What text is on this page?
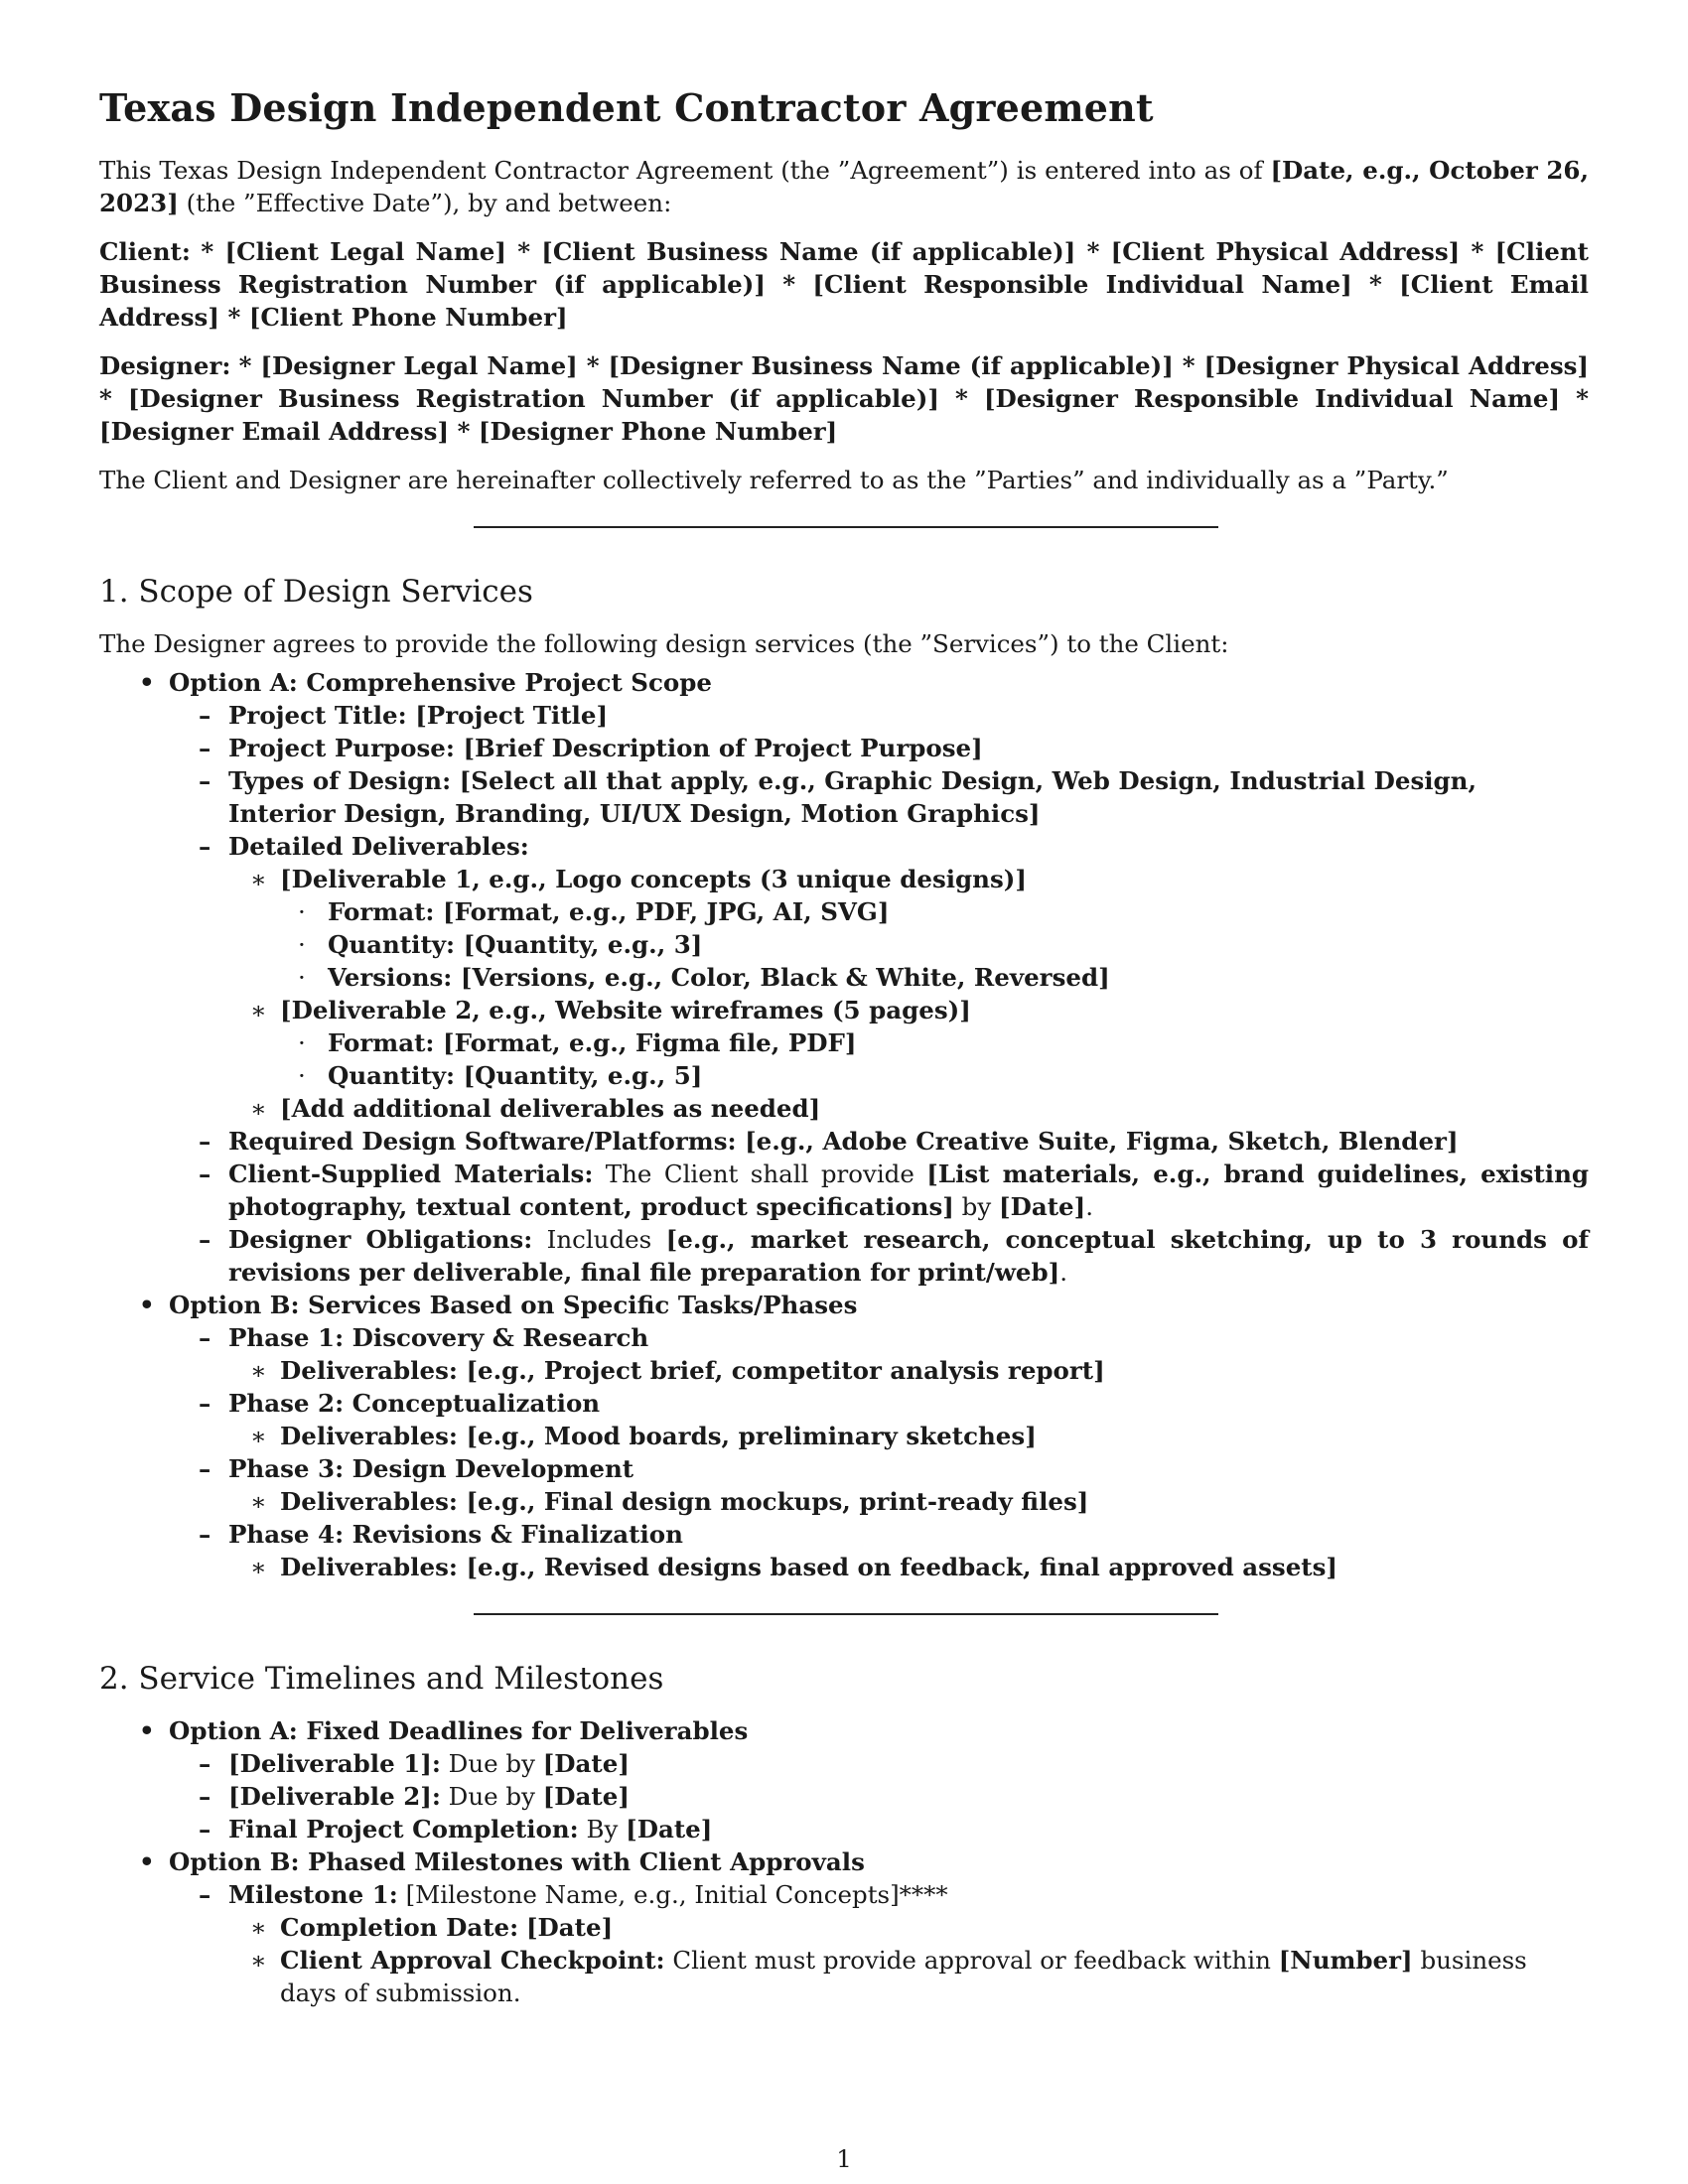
Texas Design Independent Contractor Agreement

This Texas Design Independent Contractor Agreement (the ”Agreement”) is entered into as of [Date, e.g., October 26, 2023] (the ”Effective Date”), by and between:

Client: * [Client Legal Name] * [Client Business Name (if applicable)] * [Client Physical Address] * [Client Business Registration Number (if applicable)] * [Client Responsible Individual Name] * [Client Email Address] * [Client Phone Number]

Designer: * [Designer Legal Name] * [Designer Business Name (if applicable)] * [Designer Physical Address] * [Designer Business Registration Number (if applicable)] * [Designer Responsible Individual Name] * [Designer Email Address] * [Designer Phone Number]

The Client and Designer are hereinafter collectively referred to as the ”Parties” and individually as a ”Party.”

1. Scope of Design Services

The Designer agrees to provide the following design services (the ”Services”) to the Client:

• Option A: Comprehensive Project Scope
– Project Title: [Project Title]
– Project Purpose: [Brief Description of Project Purpose]
– Types of Design: [Select all that apply, e.g., Graphic Design, Web Design, Industrial Design, Interior Design, Branding, UI/UX Design, Motion Graphics]
– Detailed Deliverables:
∗ [Deliverable 1, e.g., Logo concepts (3 unique designs)]
· Format: [Format, e.g., PDF, JPG, AI, SVG]
· Quantity: [Quantity, e.g., 3]
· Versions: [Versions, e.g., Color, Black & White, Reversed]
∗ [Deliverable 2, e.g., Website wireframes (5 pages)]
· Format: [Format, e.g., Figma file, PDF]
· Quantity: [Quantity, e.g., 5]
∗ [Add additional deliverables as needed]
– Required Design Software/Platforms: [e.g., Adobe Creative Suite, Figma, Sketch, Blender]
– Client-Supplied Materials: The Client shall provide [List materials, e.g., brand guidelines, existing photography, textual content, product specifications] by [Date].
– Designer Obligations: Includes [e.g., market research, conceptual sketching, up to 3 rounds of revisions per deliverable, final file preparation for print/web].
• Option B: Services Based on Specific Tasks/Phases
– Phase 1: Discovery & Research
∗ Deliverables: [e.g., Project brief, competitor analysis report]
– Phase 2: Conceptualization
∗ Deliverables: [e.g., Mood boards, preliminary sketches]
– Phase 3: Design Development
∗ Deliverables: [e.g., Final design mockups, print-ready files]
– Phase 4: Revisions & Finalization
∗ Deliverables: [e.g., Revised designs based on feedback, final approved assets]
2. Service Timelines and Milestones
• Option A: Fixed Deadlines for Deliverables
– [Deliverable 1]: Due by [Date]
– [Deliverable 2]: Due by [Date]
– Final Project Completion: By [Date]
• Option B: Phased Milestones with Client Approvals
– Milestone 1: [Milestone Name, e.g., Initial Concepts]****
∗ Completion Date: [Date]
∗ Client Approval Checkpoint: Client must provide approval or feedback within [Number] business days of submission.
1
